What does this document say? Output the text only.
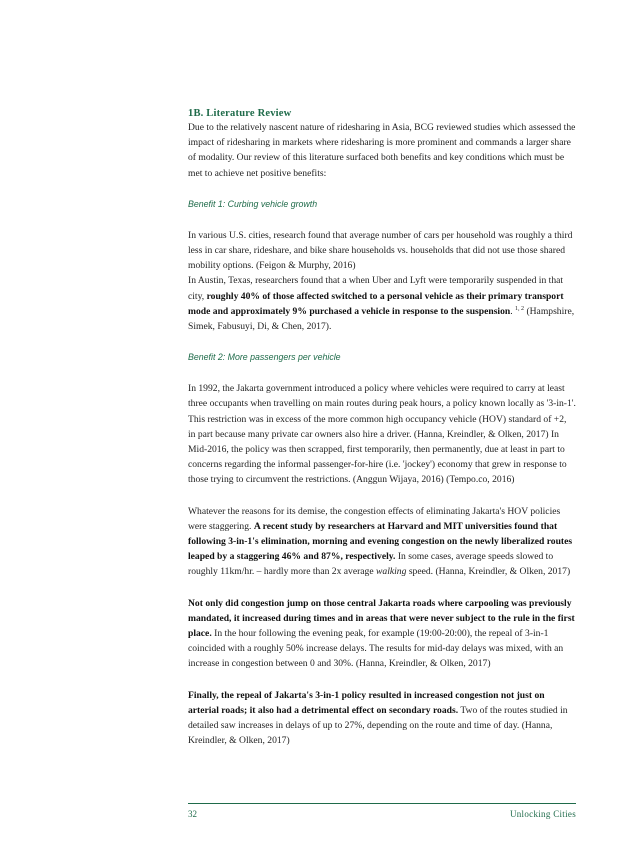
1B. Literature Review

Due to the relatively nascent nature of ridesharing in Asia, BCG reviewed studies which assessed the impact of ridesharing in markets where ridesharing is more prominent and commands a larger share of modality. Our review of this literature surfaced both benefits and key conditions which must be met to achieve net positive benefits:

Benefit 1: Curbing vehicle growth

In various U.S. cities, research found that average number of cars per household was roughly a third less in car share, rideshare, and bike share households vs. households that did not use those shared mobility options. (Feigon & Murphy, 2016)

In Austin, Texas, researchers found that a when Uber and Lyft were temporarily suspended in that city, roughly 40% of those affected switched to a personal vehicle as their primary transport mode and approximately 9% purchased a vehicle in response to the suspension. $^{1, 2}$ (Hampshire, Simek, Fabusuyi, Di, & Chen, 2017).

Benefit 2: More passengers per vehicle

In 1992, the Jakarta government introduced a policy where vehicles were required to carry at least three occupants when travelling on main routes during peak hours, a policy known locally as '3-in-1'. This restriction was in excess of the more common high occupancy vehicle (HOV) standard of +2, in part because many private car owners also hire a driver. (Hanna, Kreindler, & Olken, 2017) In Mid-2016, the policy was then scrapped, first temporarily, then permanently, due at least in part to concerns regarding the informal passenger-for-hire (i.e. 'jockey') economy that grew in response to those trying to circumvent the restrictions. (Anggun Wijaya, 2016) (Tempo.co, 2016)

Whatever the reasons for its demise, the congestion effects of eliminating Jakarta's HOV policies were staggering. A recent study by researchers at Harvard and MIT universities found that following 3-in-1's elimination, morning and evening congestion on the newly liberalized routes leaped by a staggering 46% and 87%, respectively. In some cases, average speeds slowed to roughly 11km/hr. – hardly more than 2x average walking speed. (Hanna, Kreindler, & Olken, 2017)

Not only did congestion jump on those central Jakarta roads where carpooling was previously mandated, it increased during times and in areas that were never subject to the rule in the first place. In the hour following the evening peak, for example (19:00-20:00), the repeal of 3-in-1 coincided with a roughly 50% increase delays. The results for mid-day delays was mixed, with an increase in congestion between 0 and 30%. (Hanna, Kreindler, & Olken, 2017)

Finally, the repeal of Jakarta's 3-in-1 policy resulted in increased congestion not just on arterial roads; it also had a detrimental effect on secondary roads. Two of the routes studied in detailed saw increases in delays of up to 27%, depending on the route and time of day. (Hanna, Kreindler, & Olken, 2017)

32	Unlocking Cities
